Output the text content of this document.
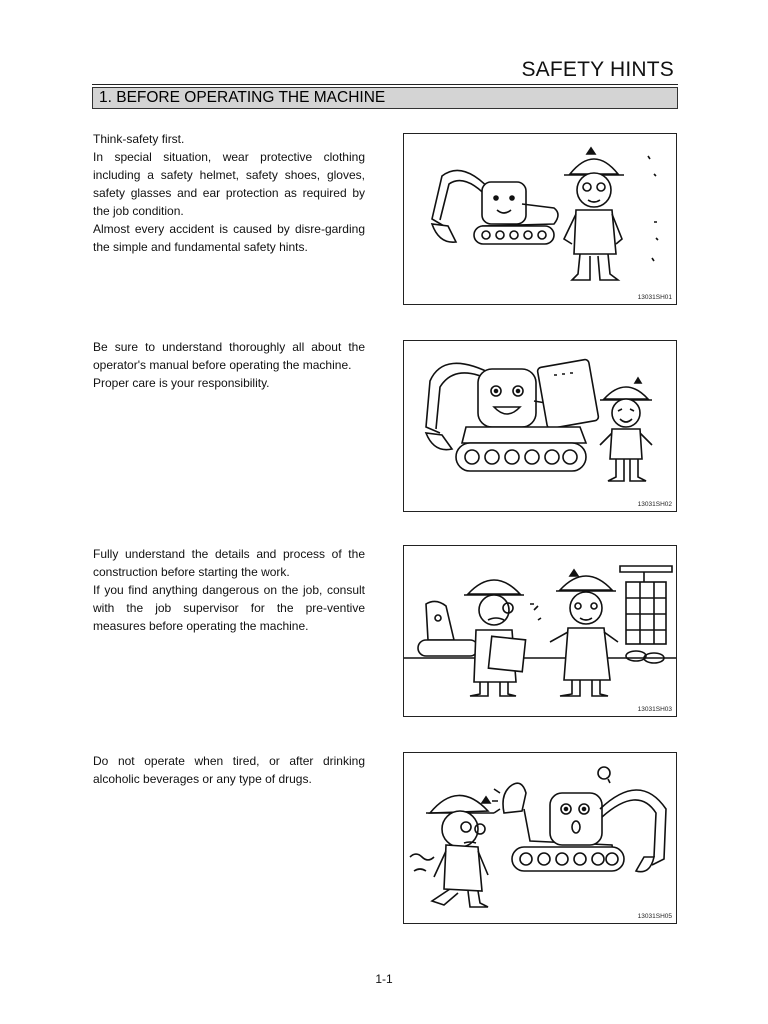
SAFETY HINTS
1. BEFORE OPERATING THE MACHINE

Think-safety first.

In special situation, wear protective clothing including a safety helmet, safety shoes, gloves, safety glasses and ear protection as required by the job condition.

Almost every accident is caused by disre-garding the simple and fundamental safety hints.

13031SH01

Be sure to understand thoroughly all about the operator's manual before operating the machine.

Proper care is your responsibility.

13031SH02

Fully understand the details and process of the construction before starting the work.

If you find anything dangerous on the job, consult with the job supervisor for the pre-ventive measures before operating the machine.

13031SH03

Do not operate when tired, or after drinking alcoholic beverages or any type of drugs.

13031SH05
1-1
